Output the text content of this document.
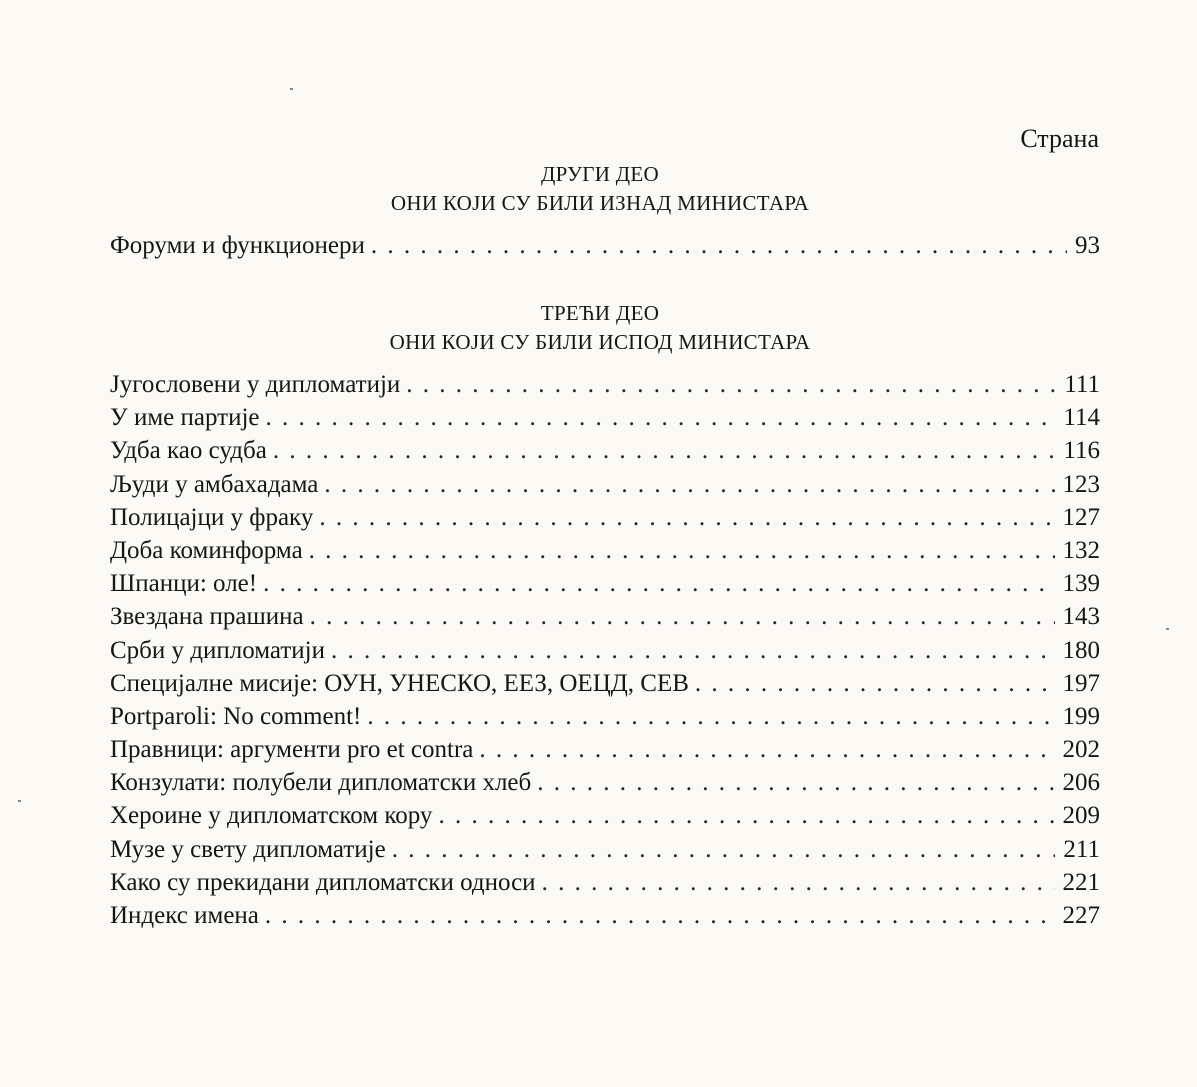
Страна
ДРУГИ ДЕО
ОНИ КОЈИ СУ БИЛИ ИЗНАД МИНИСТАРА
Форуми и функционери . . .	93
ТРЕЋИ ДЕО
ОНИ КОЈИ СУ БИЛИ ИСПОД МИНИСТАРА
Југословени у дипломатији . . .	111
У име партије . . .	114
Удба као судба . . .	116
Људи у амбахадама . . .	123
Полицајци у фраку . . .	127
Доба коминформа . . .	132
Шпанци: оле! . . .	139
Звездана прашина . . .	143
Срби у дипломатији . . .	180
Специјалне мисије: ОУН, УНЕСКО, ЕЕЗ, ОЕЦД, СЕВ . . .	197
Portparoli: No comment! . . .	199
Правници: аргументи pro et contra . . .	202
Конзулати: полубели дипломатски хлеб . . .	206
Хероине у дипломатском кору . . .	209
Музе у свету дипломатије . . .	211
Како су прекидани дипломатски односи . . .	221
Индекс имена . . .	227
